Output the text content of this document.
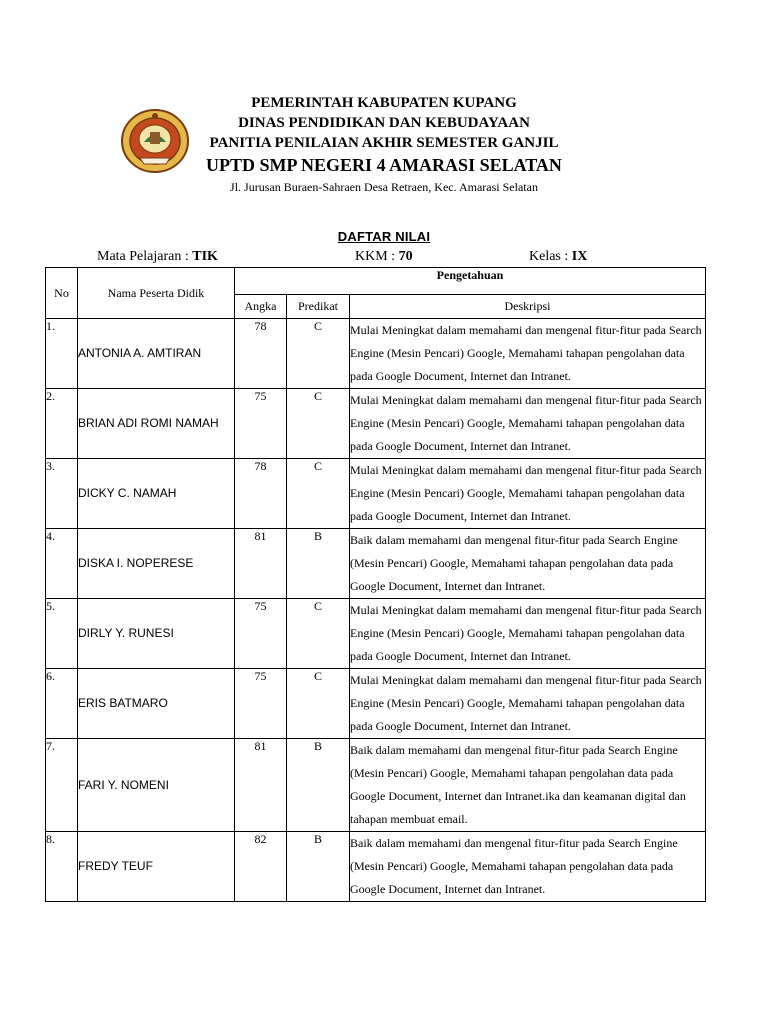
PEMERINTAH KABUPATEN KUPANG
DINAS PENDIDIKAN DAN KEBUDAYAAN
PANITIA PENILAIAN AKHIR SEMESTER GANJIL
UPTD SMP NEGERI 4 AMARASI SELATAN
Jl. Jurusan Buraen-Sahraen Desa Retraen, Kec. Amarasi Selatan
DAFTAR NILAI
Mata Pelajaran : TIK	KKM : 70	Kelas : IX
No	Nama Peserta Didik	Pengetahuan		
		Angka	Predikat	Deskripsi
1.	ANTONIA A. AMTIRAN	78	C	Mulai Meningkat dalam memahami dan mengenal fitur-fitur pada Search Engine (Mesin Pencari) Google, Memahami tahapan pengolahan data pada Google Document, Internet dan Intranet.
2.	BRIAN ADI ROMI NAMAH	75	C	Mulai Meningkat dalam memahami dan mengenal fitur-fitur pada Search Engine (Mesin Pencari) Google, Memahami tahapan pengolahan data pada Google Document, Internet dan Intranet.
3.	DICKY C. NAMAH	78	C	Mulai Meningkat dalam memahami dan mengenal fitur-fitur pada Search Engine (Mesin Pencari) Google, Memahami tahapan pengolahan data pada Google Document, Internet dan Intranet.
4.	DISKA I. NOPERESE	81	B	Baik dalam memahami dan mengenal fitur-fitur pada Search Engine (Mesin Pencari) Google, Memahami tahapan pengolahan data pada Google Document, Internet dan Intranet.
5.	DIRLY Y. RUNESI	75	C	Mulai Meningkat dalam memahami dan mengenal fitur-fitur pada Search Engine (Mesin Pencari) Google, Memahami tahapan pengolahan data pada Google Document, Internet dan Intranet.
6.	ERIS BATMARO	75	C	Mulai Meningkat dalam memahami dan mengenal fitur-fitur pada Search Engine (Mesin Pencari) Google, Memahami tahapan pengolahan data pada Google Document, Internet dan Intranet.
7.	FARI Y. NOMENI	81	B	Baik dalam memahami dan mengenal fitur-fitur pada Search Engine (Mesin Pencari) Google, Memahami tahapan pengolahan data pada Google Document, Internet dan Intranet.ika dan keamanan digital dan tahapan membuat email.
8.	FREDY TEUF	82	B	Baik dalam memahami dan mengenal fitur-fitur pada Search Engine (Mesin Pencari) Google, Memahami tahapan pengolahan data pada Google Document, Internet dan Intranet.
